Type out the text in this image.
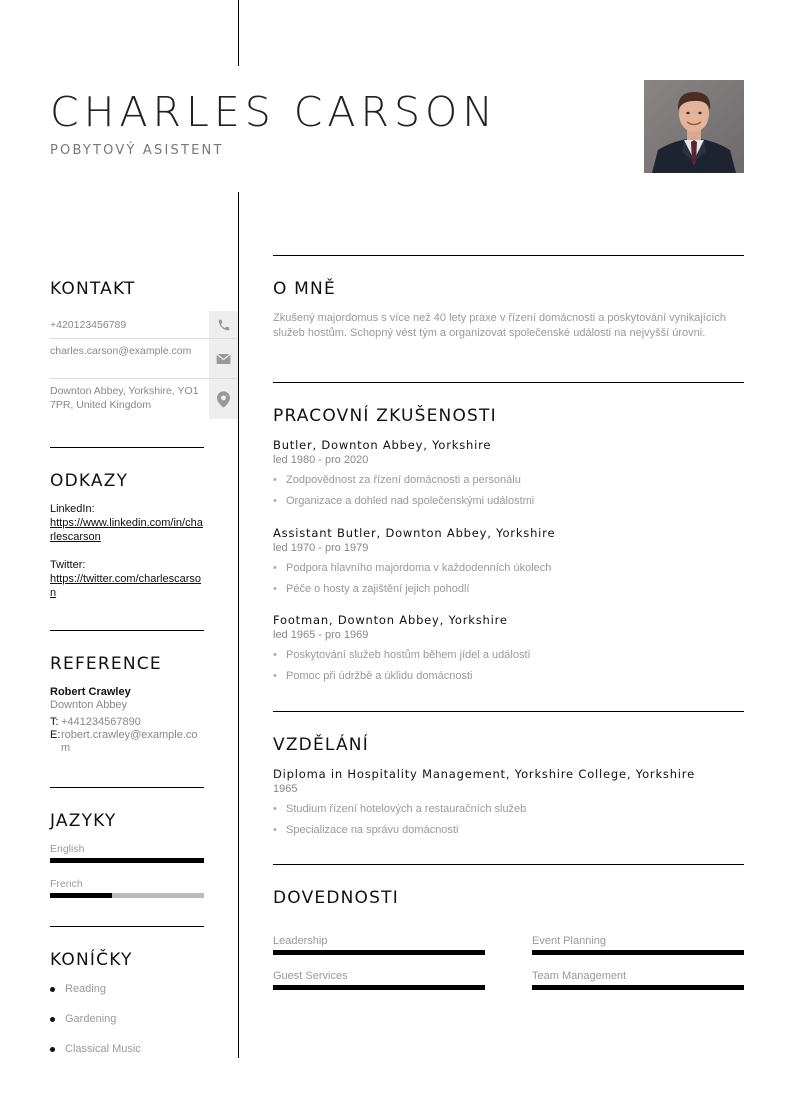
CHARLES CARSON
POBYTOVÝ ASISTENT
KONTAKT
+420123456789
charles.carson@example.com
Downton Abbey, Yorkshire, YO1 7PR, United Kingdom
ODKAZY
LinkedIn:
https://www.linkedin.com/in/charlescarson
Twitter:
https://twitter.com/charlescarson
REFERENCE
Robert Crawley
Downton Abbey
T: +441234567890
E: robert.crawley@example.com
JAZYKY
English
French
KONÍČKY
Reading
Gardening
Classical Music
O MNĚ
Zkušený majordomus s více než 40 lety praxe v řízení domácnosti a poskytování vynikajících služeb hostům. Schopný vést tým a organizovat společenské události na nejvyšší úrovni.
PRACOVNÍ ZKUŠENOSTI
Butler, Downton Abbey, Yorkshire
led 1980 - pro 2020
• Zodpovědnost za řízení domácnosti a personálu
• Organizace a dohled nad společenskými událostmi
Assistant Butler, Downton Abbey, Yorkshire
led 1970 - pro 1979
• Podpora hlavního majordoma v každodenních úkolech
• Péče o hosty a zajištění jejich pohodlí
Footman, Downton Abbey, Yorkshire
led 1965 - pro 1969
• Poskytování služeb hostům během jídel a událostí
• Pomoc při údržbě a úklidu domácnosti
VZDĚLÁNÍ
Diploma in Hospitality Management, Yorkshire College, Yorkshire
1965
• Studium řízení hotelových a restauračních služeb
• Specializace na správu domácnosti
DOVEDNOSTI
Leadership	Event Planning
Guest Services	Team Management
